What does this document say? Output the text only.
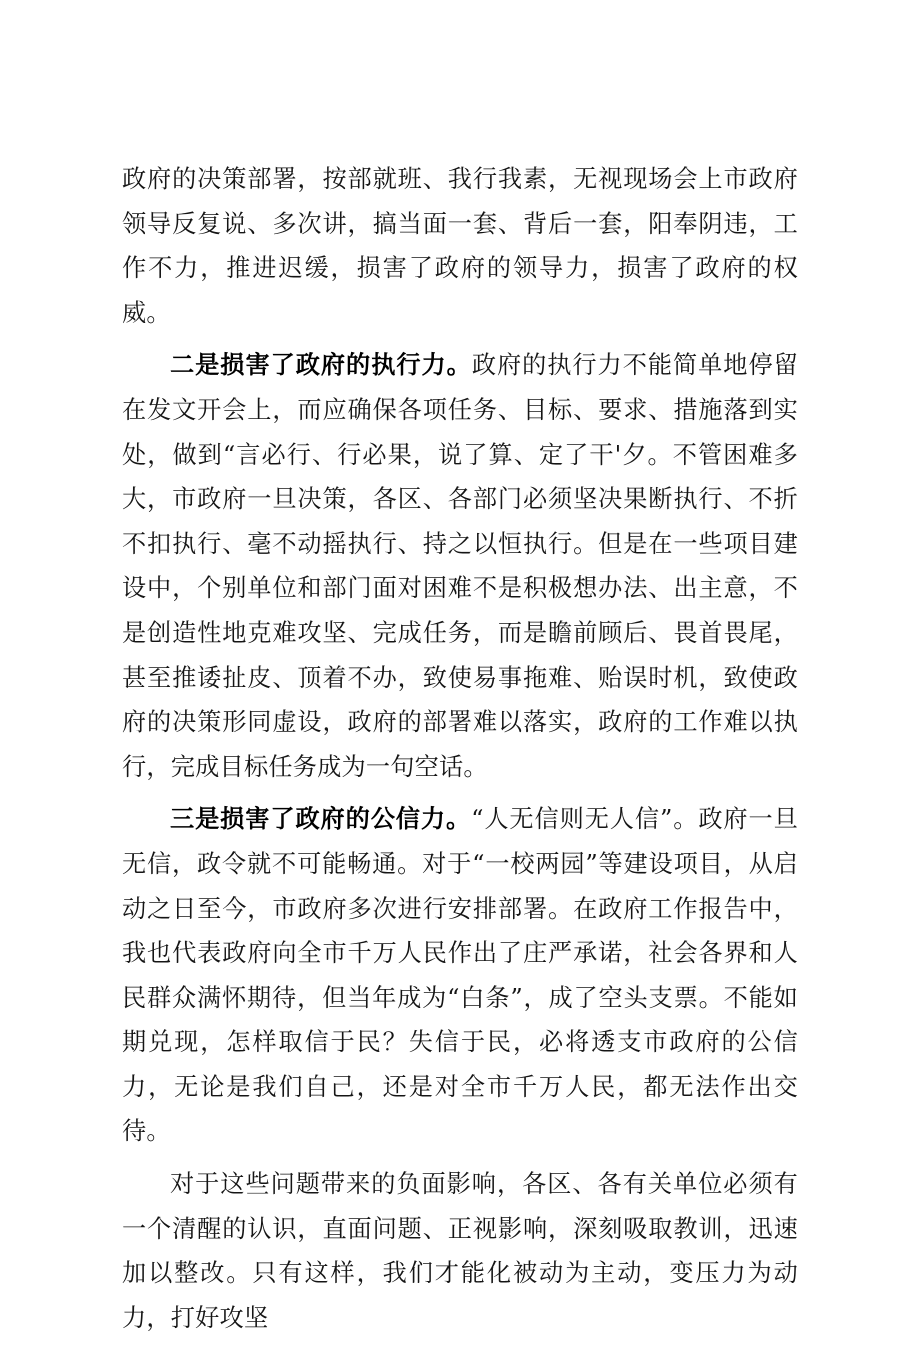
政府的决策部署，按部就班、我行我素，无视现场会上市政府领导反复说、多次讲，搞当面一套、背后一套，阳奉阴违，工作不力，推进迟缓，损害了政府的领导力，损害了政府的权威。

二是损害了政府的执行力。政府的执行力不能简单地停留在发文开会上，而应确保各项任务、目标、要求、措施落到实处，做到“言必行、行必果，说了算、定了干'夕。不管困难多大，市政府一旦决策，各区、各部门必须坚决果断执行、不折不扣执行、毫不动摇执行、持之以恒执行。但是在一些项目建设中，个别单位和部门面对困难不是积极想办法、出主意，不是创造性地克难攻坚、完成任务，而是瞻前顾后、畏首畏尾，甚至推诿扯皮、顶着不办，致使易事拖难、贻误时机，致使政府的决策形同虚设，政府的部署难以落实，政府的工作难以执行，完成目标任务成为一句空话。

三是损害了政府的公信力。“人无信则无人信”。政府一旦无信，政令就不可能畅通。对于“一校两园”等建设项目，从启动之日至今，市政府多次进行安排部署。在政府工作报告中，我也代表政府向全市千万人民作出了庄严承诺，社会各界和人民群众满怀期待，但当年成为“白条”，成了空头支票。不能如期兑现，怎样取信于民？失信于民，必将透支市政府的公信力，无论是我们自己，还是对全市千万人民，都无法作出交待。

对于这些问题带来的负面影响，各区、各有关单位必须有一个清醒的认识，直面问题、正视影响，深刻吸取教训，迅速加以整改。只有这样，我们才能化被动为主动，变压力为动力，打好攻坚
